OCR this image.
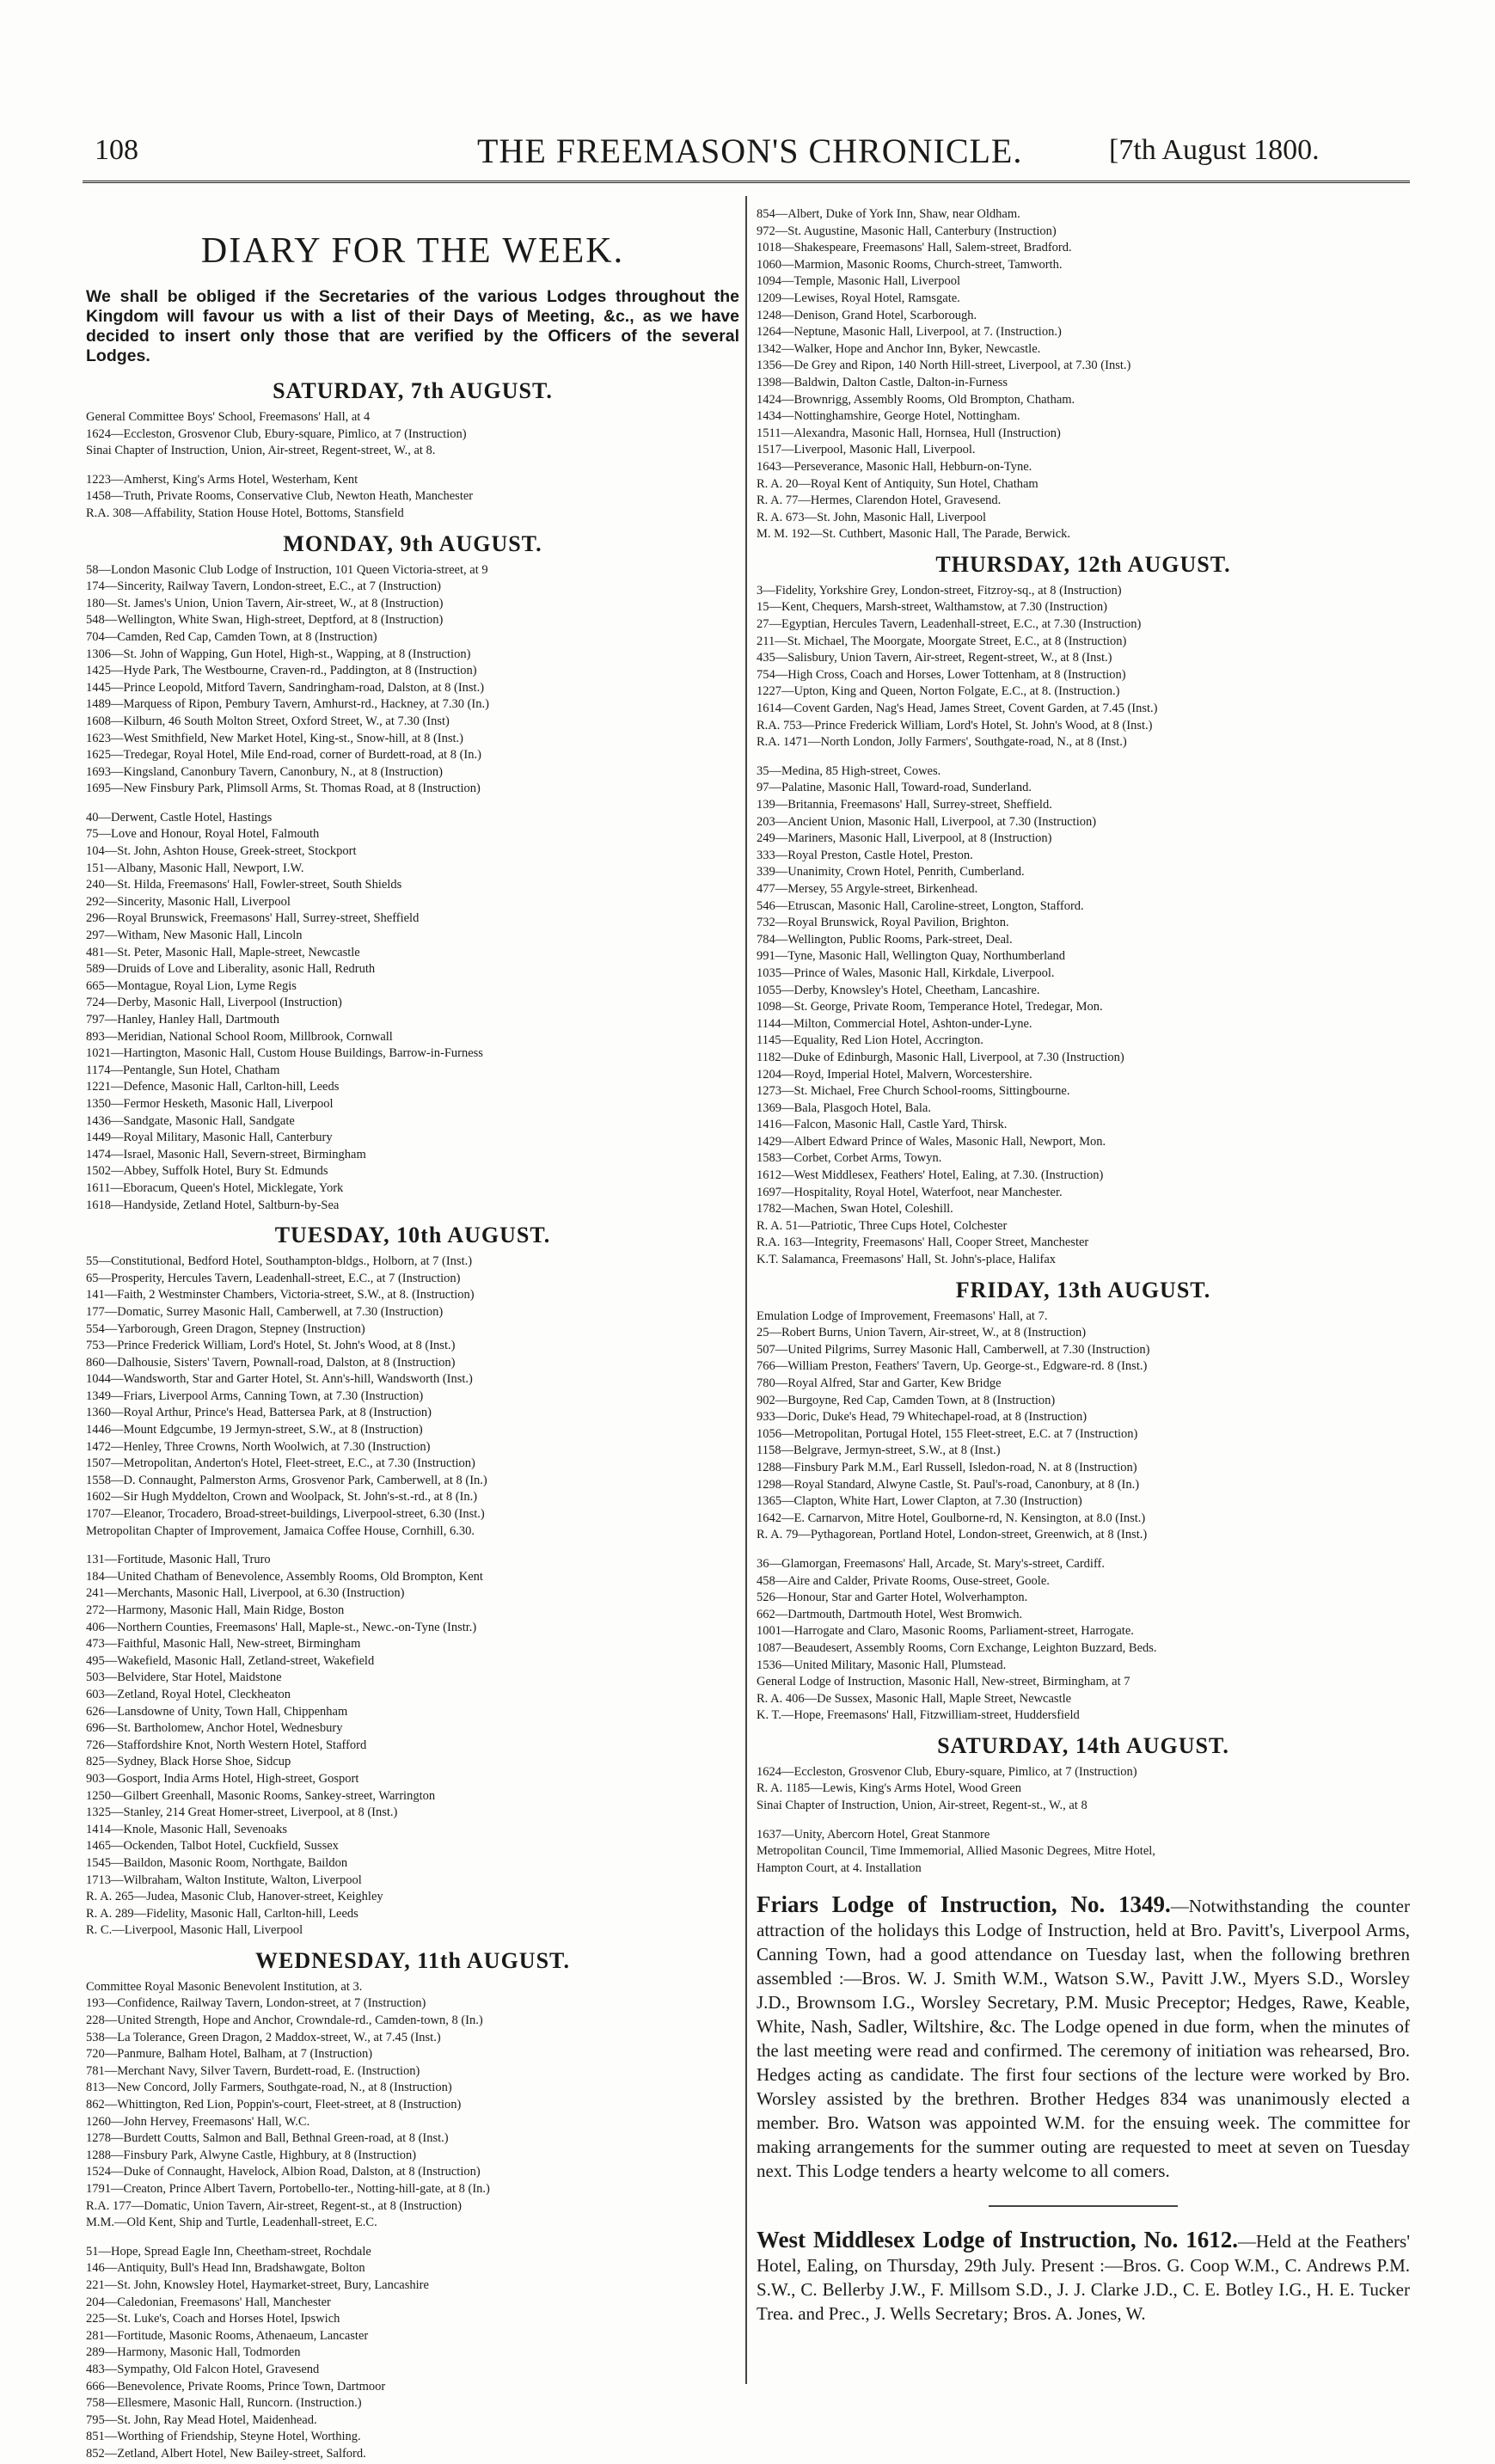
108	THE FREEMASON'S CHRONICLE.	[7th August 1800.
DIARY FOR THE WEEK.
We shall be obliged if the Secretaries of the various Lodges throughout the Kingdom will favour us with a list of their Days of Meeting, &c., as we have decided to insert only those that are verified by the Officers of the several Lodges.
SATURDAY, 7th AUGUST.
General Committee Boys' School, Freemasons' Hall, at 4
1624—Eccleston, Grosvenor Club, Ebury-square, Pimlico, at 7 (Instruction)
Sinai Chapter of Instruction, Union, Air-street, Regent-street, W., at 8.
1223—Amherst, King's Arms Hotel, Westerham, Kent
1458—Truth, Private Rooms, Conservative Club, Newton Heath, Manchester
R.A. 308—Affability, Station House Hotel, Bottoms, Stansfield
MONDAY, 9th AUGUST.
58—London Masonic Club Lodge of Instruction, 101 Queen Victoria-street, at 9
174—Sincerity, Railway Tavern, London-street, E.C., at 7 (Instruction)
180—St. James's Union, Union Tavern, Air-street, W., at 8 (Instruction)
548—Wellington, White Swan, High-street, Deptford, at 8 (Instruction)
704—Camden, Red Cap, Camden Town, at 8 (Instruction)
1306—St. John of Wapping, Gun Hotel, High-st., Wapping, at 8 (Instruction)
1425—Hyde Park, The Westbourne, Craven-rd., Paddington, at 8 (Instruction)
1445—Prince Leopold, Mitford Tavern, Sandringham-road, Dalston, at 8 (Inst.)
1489—Marquess of Ripon, Pembury Tavern, Amhurst-rd., Hackney, at 7.30 (In.)
1608—Kilburn, 46 South Molton Street, Oxford Street, W., at 7.30 (Inst)
1623—West Smithfield, New Market Hotel, King-st., Snow-hill, at 8 (Inst.)
1625—Tredegar, Royal Hotel, Mile End-road, corner of Burdett-road, at 8 (In.)
1693—Kingsland, Canonbury Tavern, Canonbury, N., at 8 (Instruction)
1695—New Finsbury Park, Plimsoll Arms, St. Thomas Road, at 8 (Instruction)
40—Derwent, Castle Hotel, Hastings
75—Love and Honour, Royal Hotel, Falmouth
104—St. John, Ashton House, Greek-street, Stockport
151—Albany, Masonic Hall, Newport, I.W.
240—St. Hilda, Freemasons' Hall, Fowler-street, South Shields
292—Sincerity, Masonic Hall, Liverpool
296—Royal Brunswick, Freemasons' Hall, Surrey-street, Sheffield
297—Witham, New Masonic Hall, Lincoln
481—St. Peter, Masonic Hall, Maple-street, Newcastle
589—Druids of Love and Liberality, asonic Hall, Redruth
665—Montague, Royal Lion, Lyme Regis
724—Derby, Masonic Hall, Liverpool (Instruction)
797—Hanley, Hanley Hall, Dartmouth
893—Meridian, National School Room, Millbrook, Cornwall
1021—Hartington, Masonic Hall, Custom House Buildings, Barrow-in-Furness
1174—Pentangle, Sun Hotel, Chatham
1221—Defence, Masonic Hall, Carlton-hill, Leeds
1350—Fermor Hesketh, Masonic Hall, Liverpool
1436—Sandgate, Masonic Hall, Sandgate
1449—Royal Military, Masonic Hall, Canterbury
1474—Israel, Masonic Hall, Severn-street, Birmingham
1502—Abbey, Suffolk Hotel, Bury St. Edmunds
1611—Eboracum, Queen's Hotel, Micklegate, York
1618—Handyside, Zetland Hotel, Saltburn-by-Sea
TUESDAY, 10th AUGUST.
55—Constitutional, Bedford Hotel, Southampton-bldgs., Holborn, at 7 (Inst.)
65—Prosperity, Hercules Tavern, Leadenhall-street, E.C., at 7 (Instruction)
141—Faith, 2 Westminster Chambers, Victoria-street, S.W., at 8. (Instruction)
177—Domatic, Surrey Masonic Hall, Camberwell, at 7.30 (Instruction)
554—Yarborough, Green Dragon, Stepney (Instruction)
753—Prince Frederick William, Lord's Hotel, St. John's Wood, at 8 (Inst.)
860—Dalhousie, Sisters' Tavern, Pownall-road, Dalston, at 8 (Instruction)
1044—Wandsworth, Star and Garter Hotel, St. Ann's-hill, Wandsworth (Inst.)
1349—Friars, Liverpool Arms, Canning Town, at 7.30 (Instruction)
1360—Royal Arthur, Prince's Head, Battersea Park, at 8 (Instruction)
1446—Mount Edgcumbe, 19 Jermyn-street, S.W., at 8 (Instruction)
1472—Henley, Three Crowns, North Woolwich, at 7.30 (Instruction)
1507—Metropolitan, Anderton's Hotel, Fleet-street, E.C., at 7.30 (Instruction)
1558—D. Connaught, Palmerston Arms, Grosvenor Park, Camberwell, at 8 (In.)
1602—Sir Hugh Myddelton, Crown and Woolpack, St. John's-st.-rd., at 8 (In.)
1707—Eleanor, Trocadero, Broad-street-buildings, Liverpool-street, 6.30 (Inst.)
Metropolitan Chapter of Improvement, Jamaica Coffee House, Cornhill, 6.30.
131—Fortitude, Masonic Hall, Truro
184—United Chatham of Benevolence, Assembly Rooms, Old Brompton, Kent
241—Merchants, Masonic Hall, Liverpool, at 6.30 (Instruction)
272—Harmony, Masonic Hall, Main Ridge, Boston
406—Northern Counties, Freemasons' Hall, Maple-st., Newc.-on-Tyne (Instr.)
473—Faithful, Masonic Hall, New-street, Birmingham
495—Wakefield, Masonic Hall, Zetland-street, Wakefield
503—Belvidere, Star Hotel, Maidstone
603—Zetland, Royal Hotel, Cleckheaton
626—Lansdowne of Unity, Town Hall, Chippenham
696—St. Bartholomew, Anchor Hotel, Wednesbury
726—Staffordshire Knot, North Western Hotel, Stafford
825—Sydney, Black Horse Shoe, Sidcup
903—Gosport, India Arms Hotel, High-street, Gosport
1250—Gilbert Greenhall, Masonic Rooms, Sankey-street, Warrington
1325—Stanley, 214 Great Homer-street, Liverpool, at 8 (Inst.)
1414—Knole, Masonic Hall, Sevenoaks
1465—Ockenden, Talbot Hotel, Cuckfield, Sussex
1545—Baildon, Masonic Room, Northgate, Baildon
1713—Wilbraham, Walton Institute, Walton, Liverpool
R. A. 265—Judea, Masonic Club, Hanover-street, Keighley
R. A. 289—Fidelity, Masonic Hall, Carlton-hill, Leeds
R. C.—Liverpool, Masonic Hall, Liverpool
WEDNESDAY, 11th AUGUST.
Committee Royal Masonic Benevolent Institution, at 3.
193—Confidence, Railway Tavern, London-street, at 7 (Instruction)
228—United Strength, Hope and Anchor, Crowndale-rd., Camden-town, 8 (In.)
538—La Tolerance, Green Dragon, 2 Maddox-street, W., at 7.45 (Inst.)
720—Panmure, Balham Hotel, Balham, at 7 (Instruction)
781—Merchant Navy, Silver Tavern, Burdett-road, E. (Instruction)
813—New Concord, Jolly Farmers, Southgate-road, N., at 8 (Instruction)
862—Whittington, Red Lion, Poppin's-court, Fleet-street, at 8 (Instruction)
1260—John Hervey, Freemasons' Hall, W.C.
1278—Burdett Coutts, Salmon and Ball, Bethnal Green-road, at 8 (Inst.)
1288—Finsbury Park, Alwyne Castle, Highbury, at 8 (Instruction)
1524—Duke of Connaught, Havelock, Albion Road, Dalston, at 8 (Instruction)
1791—Creaton, Prince Albert Tavern, Portobello-ter., Notting-hill-gate, at 8 (In.)
R.A. 177—Domatic, Union Tavern, Air-street, Regent-st., at 8 (Instruction)
M.M.—Old Kent, Ship and Turtle, Leadenhall-street, E.C.
51—Hope, Spread Eagle Inn, Cheetham-street, Rochdale
146—Antiquity, Bull's Head Inn, Bradshawgate, Bolton
221—St. John, Knowsley Hotel, Haymarket-street, Bury, Lancashire
204—Caledonian, Freemasons' Hall, Manchester
225—St. Luke's, Coach and Horses Hotel, Ipswich
281—Fortitude, Masonic Rooms, Athenaeum, Lancaster
289—Harmony, Masonic Hall, Todmorden
483—Sympathy, Old Falcon Hotel, Gravesend
666—Benevolence, Private Rooms, Prince Town, Dartmoor
758—Ellesmere, Masonic Hall, Runcorn. (Instruction.)
795—St. John, Ray Mead Hotel, Maidenhead.
851—Worthing of Friendship, Steyne Hotel, Worthing.
852—Zetland, Albert Hotel, New Bailey-street, Salford.
854—Albert, Duke of York Inn, Shaw, near Oldham.
972—St. Augustine, Masonic Hall, Canterbury (Instruction)
1018—Shakespeare, Freemasons' Hall, Salem-street, Bradford.
1060—Marmion, Masonic Rooms, Church-street, Tamworth.
1094—Temple, Masonic Hall, Liverpool
1209—Lewises, Royal Hotel, Ramsgate.
1248—Denison, Grand Hotel, Scarborough.
1264—Neptune, Masonic Hall, Liverpool, at 7. (Instruction.)
1342—Walker, Hope and Anchor Inn, Byker, Newcastle.
1356—De Grey and Ripon, 140 North Hill-street, Liverpool, at 7.30 (Inst.)
1398—Baldwin, Dalton Castle, Dalton-in-Furness
1424—Brownrigg, Assembly Rooms, Old Brompton, Chatham.
1434—Nottinghamshire, George Hotel, Nottingham.
1511—Alexandra, Masonic Hall, Hornsea, Hull (Instruction)
1517—Liverpool, Masonic Hall, Liverpool.
1643—Perseverance, Masonic Hall, Hebburn-on-Tyne.
R. A. 20—Royal Kent of Antiquity, Sun Hotel, Chatham
R. A. 77—Hermes, Clarendon Hotel, Gravesend.
R. A. 673—St. John, Masonic Hall, Liverpool
M. M. 192—St. Cuthbert, Masonic Hall, The Parade, Berwick.
THURSDAY, 12th AUGUST.
3—Fidelity, Yorkshire Grey, London-street, Fitzroy-sq., at 8 (Instruction)
15—Kent, Chequers, Marsh-street, Walthamstow, at 7.30 (Instruction)
27—Egyptian, Hercules Tavern, Leadenhall-street, E.C., at 7.30 (Instruction)
211—St. Michael, The Moorgate, Moorgate Street, E.C., at 8 (Instruction)
435—Salisbury, Union Tavern, Air-street, Regent-street, W., at 8 (Inst.)
754—High Cross, Coach and Horses, Lower Tottenham, at 8 (Instruction)
1227—Upton, King and Queen, Norton Folgate, E.C., at 8. (Instruction.)
1614—Covent Garden, Nag's Head, James Street, Covent Garden, at 7.45 (Inst.)
R.A. 753—Prince Frederick William, Lord's Hotel, St. John's Wood, at 8 (Inst.)
R.A. 1471—North London, Jolly Farmers', Southgate-road, N., at 8 (Inst.)
35—Medina, 85 High-street, Cowes.
97—Palatine, Masonic Hall, Toward-road, Sunderland.
139—Britannia, Freemasons' Hall, Surrey-street, Sheffield.
203—Ancient Union, Masonic Hall, Liverpool, at 7.30 (Instruction)
249—Mariners, Masonic Hall, Liverpool, at 8 (Instruction)
333—Royal Preston, Castle Hotel, Preston.
339—Unanimity, Crown Hotel, Penrith, Cumberland.
477—Mersey, 55 Argyle-street, Birkenhead.
546—Etruscan, Masonic Hall, Caroline-street, Longton, Stafford.
732—Royal Brunswick, Royal Pavilion, Brighton.
784—Wellington, Public Rooms, Park-street, Deal.
991—Tyne, Masonic Hall, Wellington Quay, Northumberland
1035—Prince of Wales, Masonic Hall, Kirkdale, Liverpool.
1055—Derby, Knowsley's Hotel, Cheetham, Lancashire.
1098—St. George, Private Room, Temperance Hotel, Tredegar, Mon.
1144—Milton, Commercial Hotel, Ashton-under-Lyne.
1145—Equality, Red Lion Hotel, Accrington.
1182—Duke of Edinburgh, Masonic Hall, Liverpool, at 7.30 (Instruction)
1204—Royd, Imperial Hotel, Malvern, Worcestershire.
1273—St. Michael, Free Church School-rooms, Sittingbourne.
1369—Bala, Plasgoch Hotel, Bala.
1416—Falcon, Masonic Hall, Castle Yard, Thirsk.
1429—Albert Edward Prince of Wales, Masonic Hall, Newport, Mon.
1583—Corbet, Corbet Arms, Towyn.
1612—West Middlesex, Feathers' Hotel, Ealing, at 7.30. (Instruction)
1697—Hospitality, Royal Hotel, Waterfoot, near Manchester.
1782—Machen, Swan Hotel, Coleshill.
R. A. 51—Patriotic, Three Cups Hotel, Colchester
R.A. 163—Integrity, Freemasons' Hall, Cooper Street, Manchester
K.T. Salamanca, Freemasons' Hall, St. John's-place, Halifax
FRIDAY, 13th AUGUST.
Emulation Lodge of Improvement, Freemasons' Hall, at 7.
25—Robert Burns, Union Tavern, Air-street, W., at 8 (Instruction)
507—United Pilgrims, Surrey Masonic Hall, Camberwell, at 7.30 (Instruction)
766—William Preston, Feathers' Tavern, Up. George-st., Edgware-rd. 8 (Inst.)
780—Royal Alfred, Star and Garter, Kew Bridge
902—Burgoyne, Red Cap, Camden Town, at 8 (Instruction)
933—Doric, Duke's Head, 79 Whitechapel-road, at 8 (Instruction)
1056—Metropolitan, Portugal Hotel, 155 Fleet-street, E.C. at 7 (Instruction)
1158—Belgrave, Jermyn-street, S.W., at 8 (Inst.)
1288—Finsbury Park M.M., Earl Russell, Isledon-road, N. at 8 (Instruction)
1298—Royal Standard, Alwyne Castle, St. Paul's-road, Canonbury, at 8 (In.)
1365—Clapton, White Hart, Lower Clapton, at 7.30 (Instruction)
1642—E. Carnarvon, Mitre Hotel, Goulborne-rd, N. Kensington, at 8.0 (Inst.)
R. A. 79—Pythagorean, Portland Hotel, London-street, Greenwich, at 8 (Inst.)
36—Glamorgan, Freemasons' Hall, Arcade, St. Mary's-street, Cardiff.
458—Aire and Calder, Private Rooms, Ouse-street, Goole.
526—Honour, Star and Garter Hotel, Wolverhampton.
662—Dartmouth, Dartmouth Hotel, West Bromwich.
1001—Harrogate and Claro, Masonic Rooms, Parliament-street, Harrogate.
1087—Beaudesert, Assembly Rooms, Corn Exchange, Leighton Buzzard, Beds.
1536—United Military, Masonic Hall, Plumstead.
General Lodge of Instruction, Masonic Hall, New-street, Birmingham, at 7
R. A. 406—De Sussex, Masonic Hall, Maple Street, Newcastle
K. T.—Hope, Freemasons' Hall, Fitzwilliam-street, Huddersfield
SATURDAY, 14th AUGUST.
1624—Eccleston, Grosvenor Club, Ebury-square, Pimlico, at 7 (Instruction)
R. A. 1185—Lewis, King's Arms Hotel, Wood Green
Sinai Chapter of Instruction, Union, Air-street, Regent-st., W., at 8
1637—Unity, Abercorn Hotel, Great Stanmore
Metropolitan Council, Time Immemorial, Allied Masonic Degrees, Mitre Hotel,
Hampton Court, at 4. Installation
Friars Lodge of Instruction, No. 1349.—Notwithstanding the counter attraction of the holidays this Lodge of Instruction, held at Bro. Pavitt's, Liverpool Arms, Canning Town, had a good attendance on Tuesday last, when the following brethren assembled :—Bros. W. J. Smith W.M., Watson S.W., Pavitt J.W., Myers S.D., Worsley J.D., Brownsom I.G., Worsley Secretary, P.M. Music Preceptor; Hedges, Rawe, Keable, White, Nash, Sadler, Wiltshire, &c. The Lodge opened in due form, when the minutes of the last meeting were read and confirmed. The ceremony of initiation was rehearsed, Bro. Hedges acting as candidate. The first four sections of the lecture were worked by Bro. Worsley assisted by the brethren. Brother Hedges 834 was unanimously elected a member. Bro. Watson was appointed W.M. for the ensuing week. The committee for making arrangements for the summer outing are requested to meet at seven on Tuesday next. This Lodge tenders a hearty welcome to all comers.
West Middlesex Lodge of Instruction, No. 1612.—Held at the Feathers' Hotel, Ealing, on Thursday, 29th July. Present :—Bros. G. Coop W.M., C. Andrews P.M. S.W., C. Bellerby J.W., F. Millsom S.D., J. J. Clarke J.D., C. E. Botley I.G., H. E. Tucker Trea. and Prec., J. Wells Secretary; Bros. A. Jones, W.
